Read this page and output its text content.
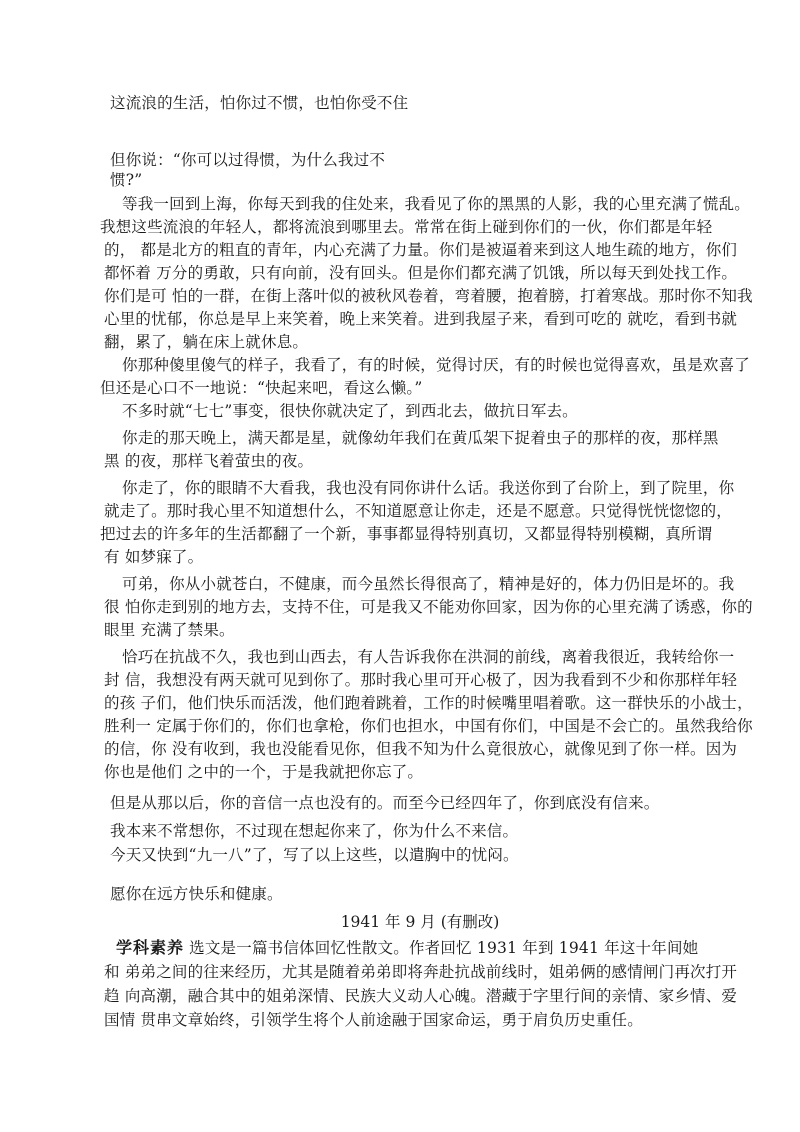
这流浪的生活，怕你过不惯，也怕你受不住
但你说：“你可以过得惯，为什么我过不
惯?”
等我一回到上海，你每天到我的住处来，我看见了你的黑黑的人影，我的心里充满了慌乱。
我想这些流浪的年轻人，都将流浪到哪里去。常常在街上碰到你们的一伙，你们都是年轻
的， 都是北方的粗直的青年，内心充满了力量。你们是被逼着来到这人地生疏的地方，你们
都怀着 万分的勇敢，只有向前，没有回头。但是你们都充满了饥饿，所以每天到处找工作。
你们是可 怕的一群，在街上落叶似的被秋风卷着，弯着腰，抱着膀，打着寒战。那时你不知我
心里的忧郁，你总是早上来笑着，晚上来笑着。进到我屋子来，看到可吃的 就吃，看到书就
翻，累了，躺在床上就休息。
你那种傻里傻气的样子，我看了，有的时候，觉得讨厌，有的时候也觉得喜欢，虽是欢喜了
但还是心口不一地说：“快起来吧，看这么懒。”
不多时就“七七”事变，很快你就决定了，到西北去，做抗日军去。
你走的那天晚上，满天都是星，就像幼年我们在黄瓜架下捉着虫子的那样的夜，那样黑
黑 的夜，那样飞着萤虫的夜。
你走了，你的眼睛不大看我，我也没有同你讲什么话。我送你到了台阶上，到了院里，你
就走了。那时我心里不知道想什么，不知道愿意让你走，还是不愿意。只觉得恍恍惚惚的，
把过去的许多年的生活都翻了一个新，事事都显得特别真切，又都显得特别模糊，真所谓
有 如梦寐了。
可弟，你从小就苍白，不健康，而今虽然长得很高了，精神是好的，体力仍旧是坏的。我
很 怕你走到别的地方去，支持不住，可是我又不能劝你回家，因为你的心里充满了诱惑，你的
眼里 充满了禁果。
恰巧在抗战不久，我也到山西去，有人告诉我你在洪洞的前线，离着我很近，我转给你一
封 信，我想没有两天就可见到你了。那时我心里可开心极了，因为我看到不少和你那样年轻
的孩 子们，他们快乐而活泼，他们跑着跳着，工作的时候嘴里唱着歌。这一群快乐的小战士，
胜利一 定属于你们的，你们也拿枪，你们也担水，中国有你们，中国是不会亡的。虽然我给你
的信，你 没有收到，我也没能看见你，但我不知为什么竟很放心，就像见到了你一样。因为
你也是他们 之中的一个，于是我就把你忘了。
但是从那以后，你的音信一点也没有的。而至今已经四年了，你到底没有信来。
我本来不常想你，不过现在想起你来了，你为什么不来信。
今天又快到“九一八”了，写了以上这些，以遣胸中的忧闷。
愿你在远方快乐和健康。
1941 年 9 月 (有删改)
学科素养 选文是一篇书信体回忆性散文。作者回忆 1931 年到 1941 年这十年间她
和 弟弟之间的往来经历，尤其是随着弟弟即将奔赴抗战前线时，姐弟俩的感情闸门再次打开
趋 向高潮，融合其中的姐弟深情、民族大义动人心魄。潜藏于字里行间的亲情、家乡情、爱
国情 贯串文章始终，引领学生将个人前途融于国家命运，勇于肩负历史重任。
